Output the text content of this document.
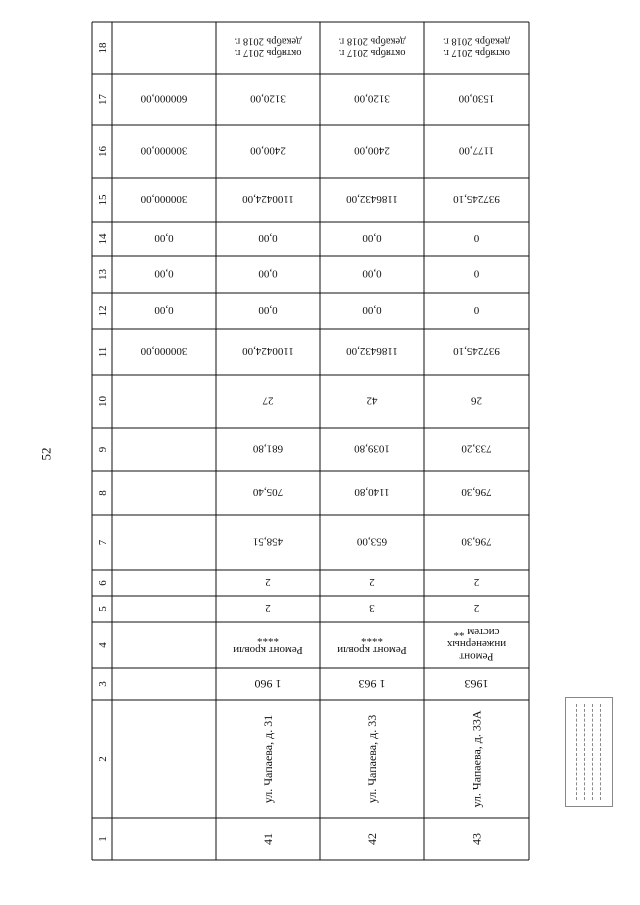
52
1
2
3
4
5
6
7
8
9
10
11
12
13
14
15
16
17
18
300000,00
0,00
0,00
0,00
300000,00
300000,00
600000,00
41
ул. Чапаева, д. 31
1 960
Ремонт кровли****
2
2
458,51
705,40
681,80
27
1100424,00
0,00
0,00
0,00
1100424,00
2400,00
3120,00
октябрь 2017 г.декабрь 2018 г.
42
ул. Чапаева, д. 33
1 963
Ремонт кровли****
3
2
653,00
1140,80
1039,80
42
1186432,00
0,00
0,00
0,00
1186432,00
2400,00
3120,00
октябрь 2017 г.декабрь 2018 г.
43
ул. Чапаева, д. 33А
1963
Ремонтинженерныхсистем **
2
2
796,30
796,30
733,20
26
937245,10
0
0
0
937245,10
1177,00
1530,00
октябрь 2017 г.декабрь 2018 г.
